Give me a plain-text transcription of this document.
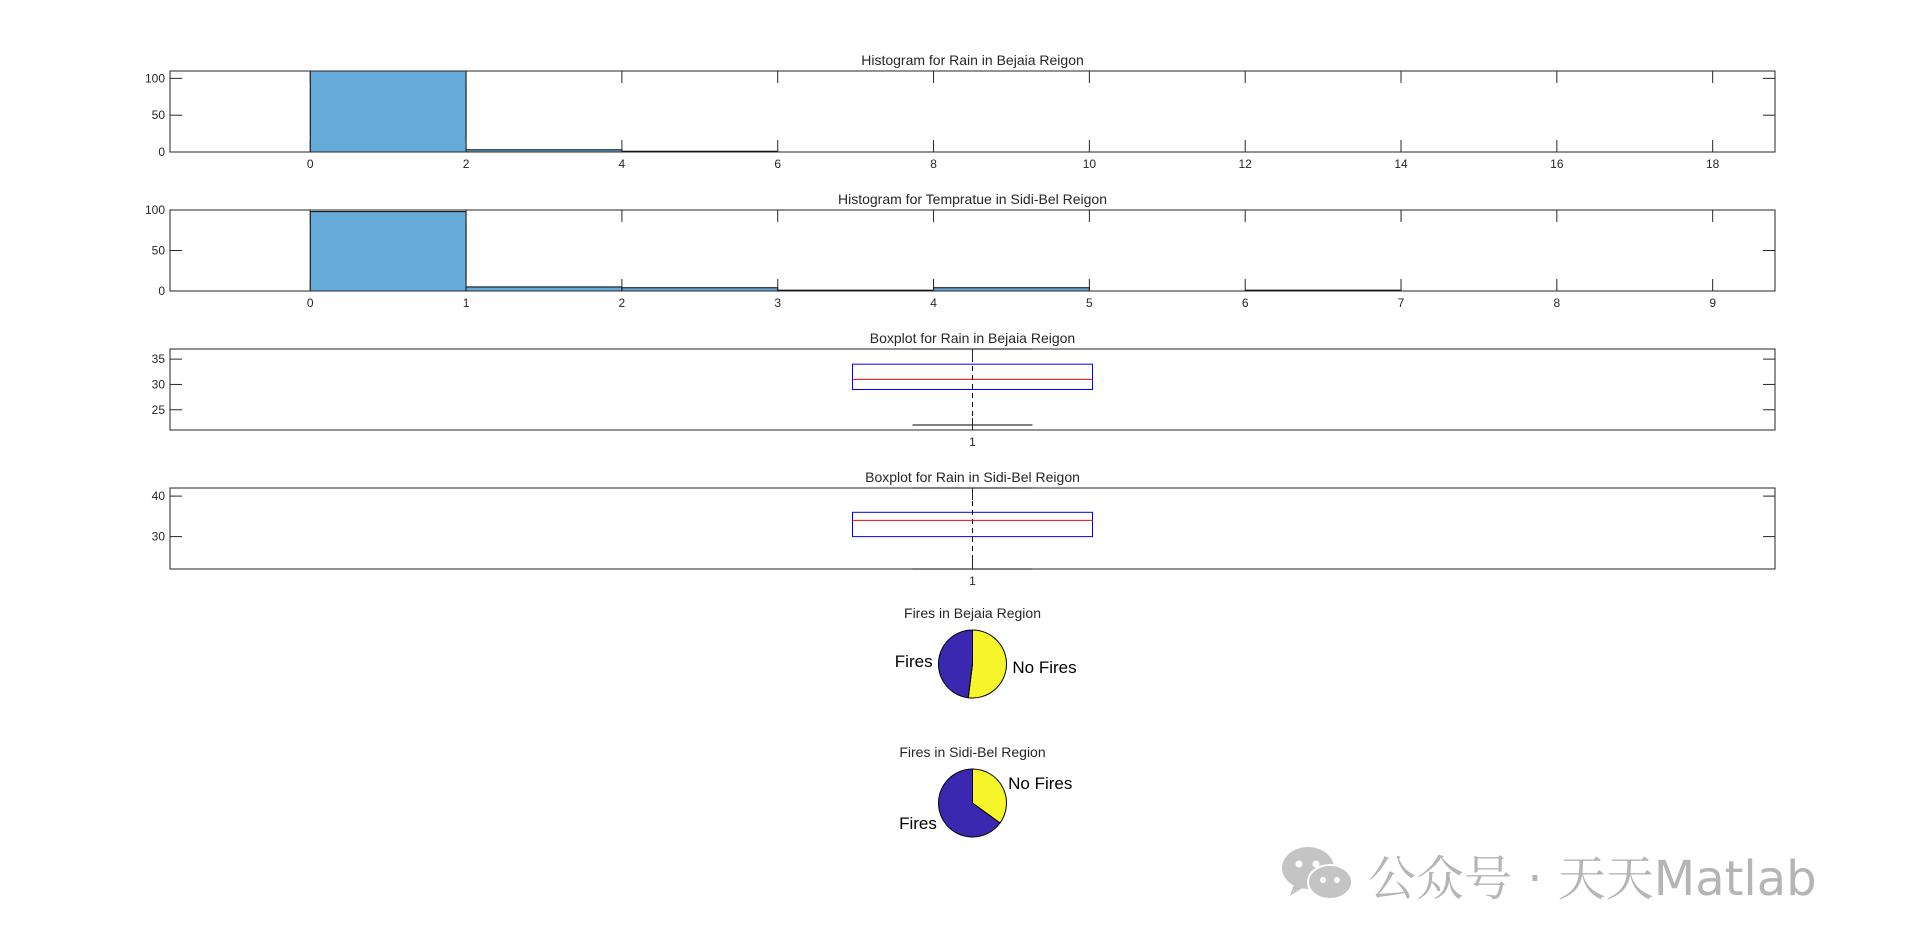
0	2	4	6	8	10	12	14	16	18
0
50
100
Histogram for Rain in Bejaia Reigon
0	1	2	3	4	5	6	7	8	9
0
50
100
Histogram for Tempratue in Sidi-Bel Reigon
1
25
30
35
Boxplot for Rain in Bejaia Reigon
1
30
40
Boxplot for Rain in Sidi-Bel Reigon
No Fires
Fires
Fires in Bejaia Region
No Fires
Fires
Fires in Sidi-Bel Region
公众号 · 天天Matlab
